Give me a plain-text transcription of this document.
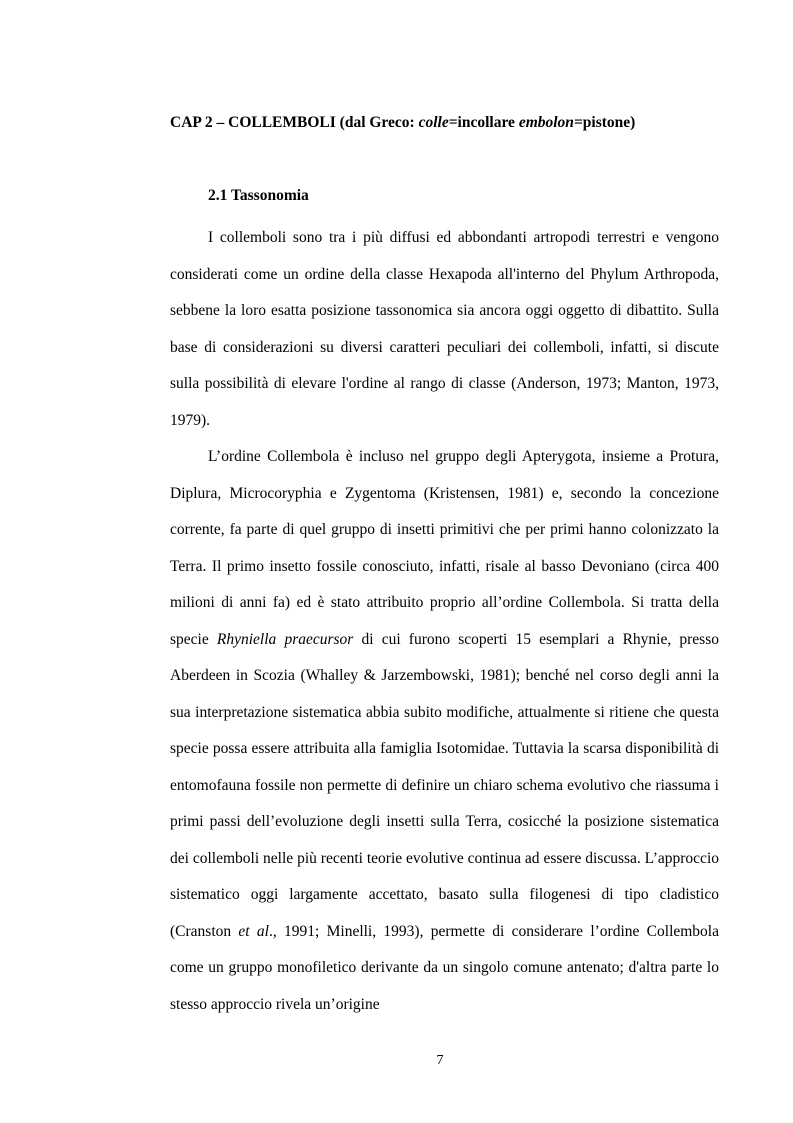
CAP 2 – COLLEMBOLI (dal Greco: colle=incollare embolon=pistone)
2.1 Tassonomia

I collemboli sono tra i più diffusi ed abbondanti artropodi terrestri e vengono considerati come un ordine della classe Hexapoda all'interno del Phylum Arthropoda, sebbene la loro esatta posizione tassonomica sia ancora oggi oggetto di dibattito. Sulla base di considerazioni su diversi caratteri peculiari dei collemboli, infatti, si discute sulla possibilità di elevare l'ordine al rango di classe (Anderson, 1973; Manton, 1973, 1979).

L’ordine Collembola è incluso nel gruppo degli Apterygota, insieme a Protura, Diplura, Microcoryphia e Zygentoma (Kristensen, 1981) e, secondo la concezione corrente, fa parte di quel gruppo di insetti primitivi che per primi hanno colonizzato la Terra. Il primo insetto fossile conosciuto, infatti, risale al basso Devoniano (circa 400 milioni di anni fa) ed è stato attribuito proprio all’ordine Collembola. Si tratta della specie Rhyniella praecursor di cui furono scoperti 15 esemplari a Rhynie, presso Aberdeen in Scozia (Whalley & Jarzembowski, 1981); benché nel corso degli anni la sua interpretazione sistematica abbia subito modifiche, attualmente si ritiene che questa specie possa essere attribuita alla famiglia Isotomidae. Tuttavia la scarsa disponibilità di entomofauna fossile non permette di definire un chiaro schema evolutivo che riassuma i primi passi dell’evoluzione degli insetti sulla Terra, cosicché la posizione sistematica dei collemboli nelle più recenti teorie evolutive continua ad essere discussa. L’approccio sistematico oggi largamente accettato, basato sulla filogenesi di tipo cladistico (Cranston et al., 1991; Minelli, 1993), permette di considerare l’ordine Collembola come un gruppo monofiletico derivante da un singolo comune antenato; d'altra parte lo stesso approccio rivela un’origine

7
